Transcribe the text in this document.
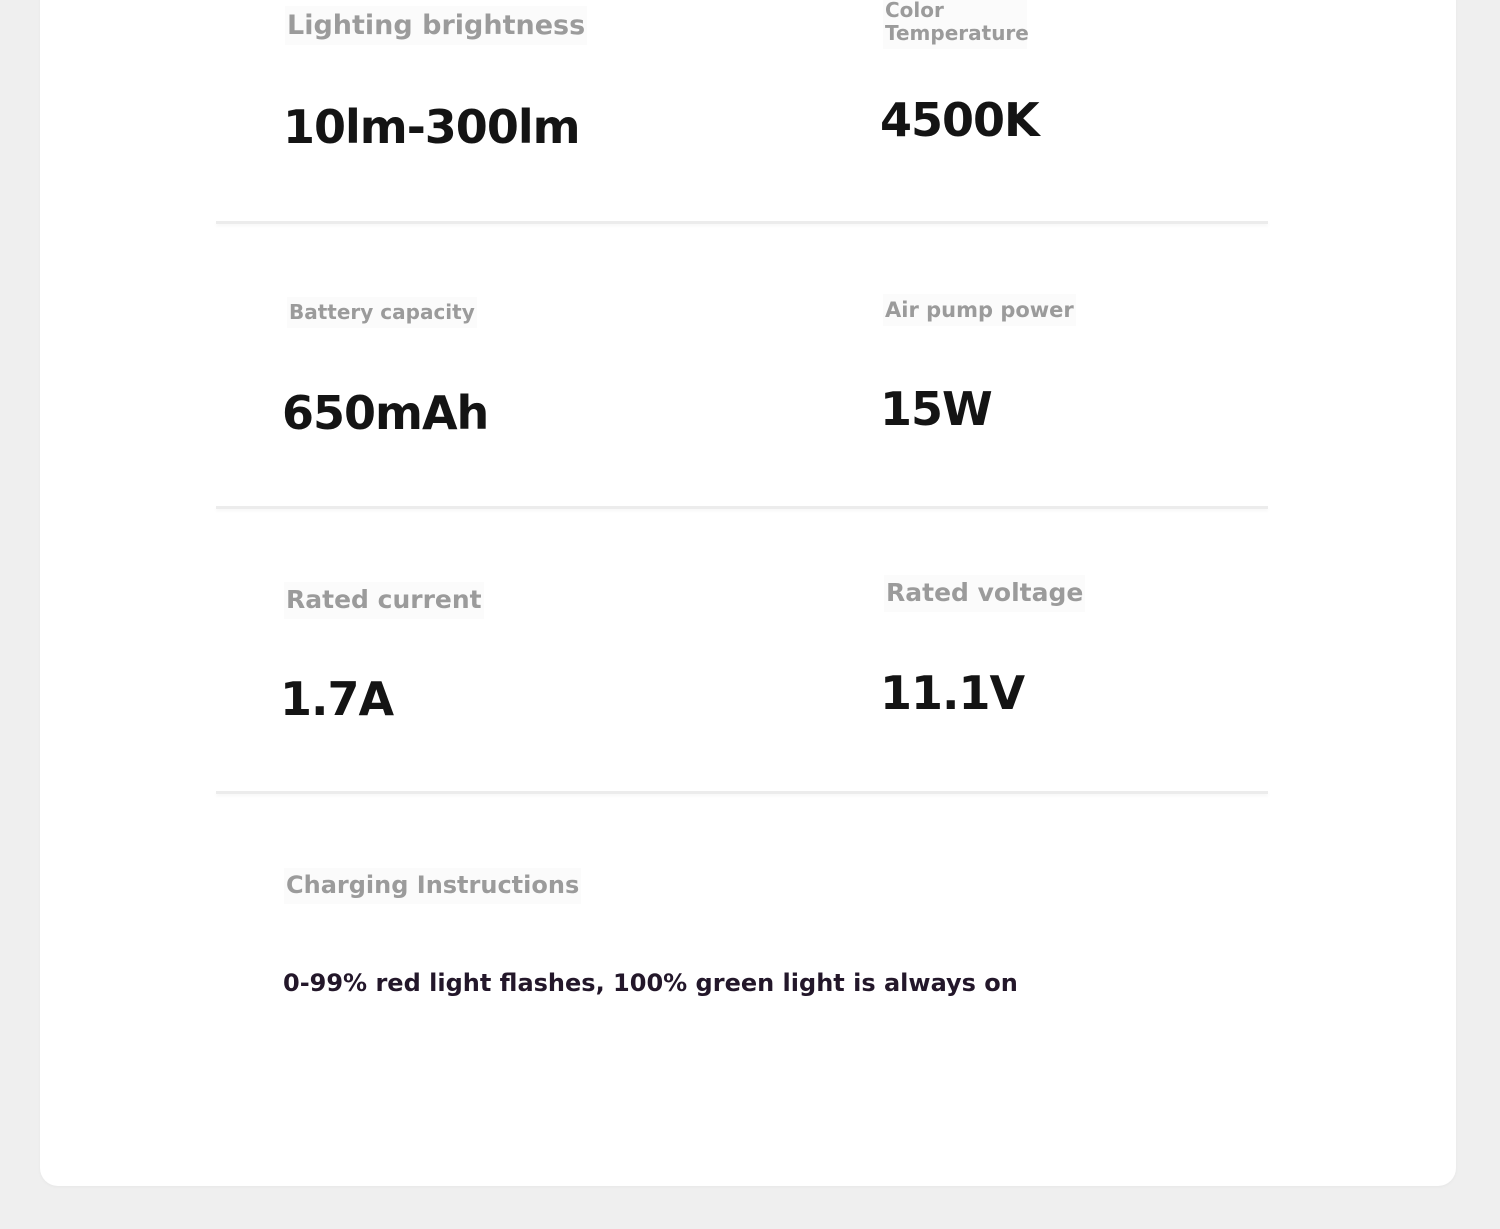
Lighting brightness
10lm-300lm
Color Temperature
4500K
Battery capacity
650mAh
Air pump power
15W
Rated current
1.7A
Rated voltage
11.1V
Charging Instructions
0-99% red light flashes, 100% green light is always on
